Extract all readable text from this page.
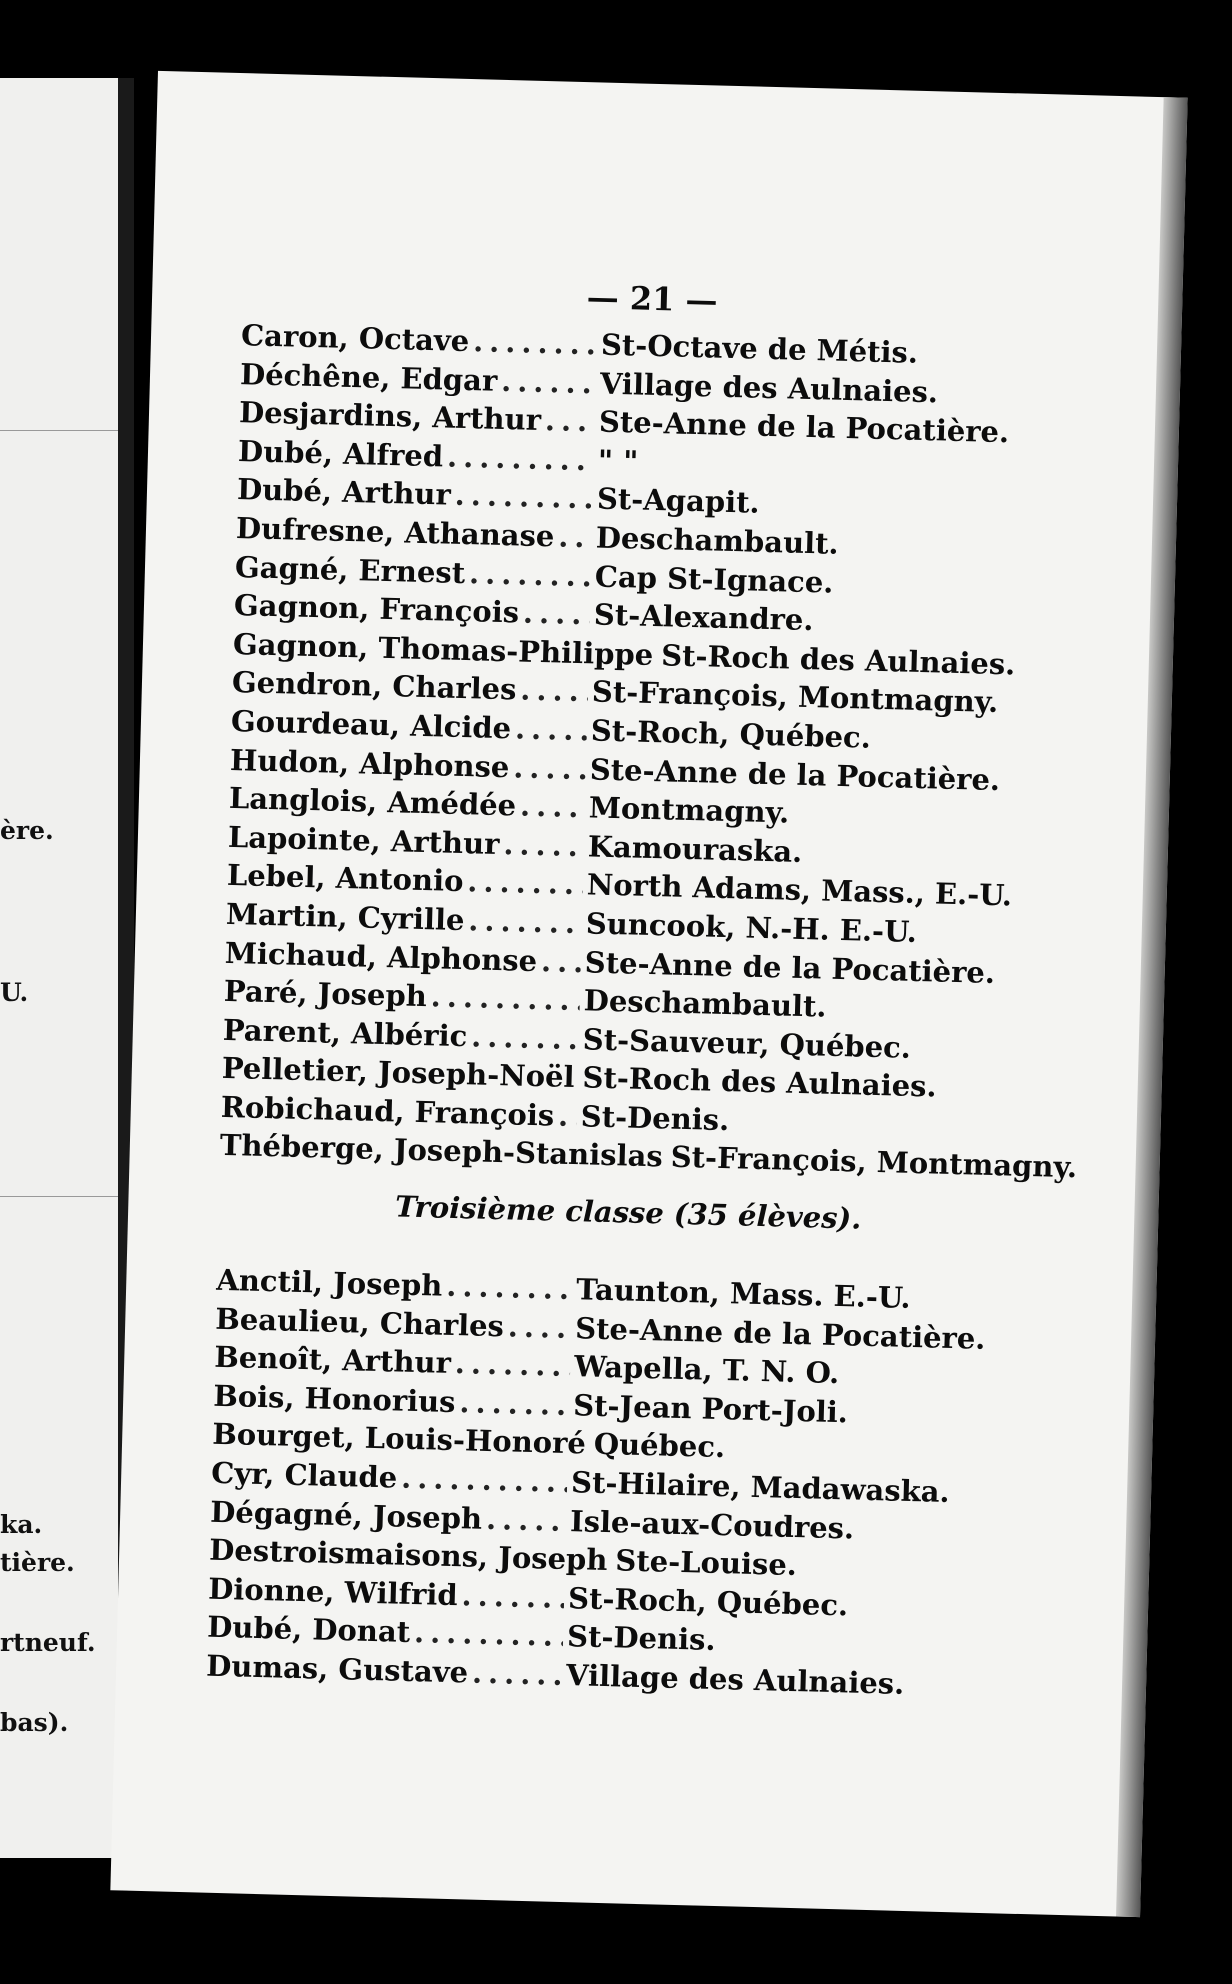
ère.
U.
ka.
tière.
rtneuf.
bas).
— 21 —
Caron, Octave .....	St-Octave de Métis.
Déchêne, Edgar .....	Village des Aulnaies.
Desjardins, Arthur ..... Ste-Anne de la Pocatière.
Dubé, Alfred .....	" "
Dubé, Arthur .....	St-Agapit.
Dufresne, Athanase ..... Deschambault.
Gagné, Ernest .....	Cap St-Ignace.
Gagnon, François .....	St-Alexandre.
Gagnon, Thomas-Philippe ..... St-Roch des Aulnaies.
Gendron, Charles .....	St-François, Montmagny.
Gourdeau, Alcide .....	St-Roch, Québec.
Hudon, Alphonse .....	Ste-Anne de la Pocatière.
Langlois, Amédée ..... Montmagny.
Lapointe, Arthur .....	Kamouraska.
Lebel, Antonio .....	North Adams, Mass., E.-U.
Martin, Cyrille .....	Suncook, N.-H. E.-U.
Michaud, Alphonse ..... Ste-Anne de la Pocatière.
Paré, Joseph .....	Deschambault.
Parent, Albéric .....	St-Sauveur, Québec.
Pelletier, Joseph-Noël ..... St-Roch des Aulnaies.
Robichaud, François ..... St-Denis.
Théberge, Joseph-Stanislas ..... St-François, Montmagny.
Troisième classe (35 élèves).
Anctil, Joseph .....	Taunton, Mass. E.-U.
Beaulieu, Charles ..... Ste-Anne de la Pocatière.
Benoît, Arthur .....	Wapella, T. N. O.
Bois, Honorius .....	St-Jean Port-Joli.
Bourget, Louis-Honoré ..... Québec.
Cyr, Claude .....	St-Hilaire, Madawaska.
Dégagné, Joseph .....	Isle-aux-Coudres.
Destroismaisons, Joseph ..... Ste-Louise.
Dionne, Wilfrid .....	St-Roch, Québec.
Dubé, Donat .....	St-Denis.
Dumas, Gustave .....	Village des Aulnaies.
